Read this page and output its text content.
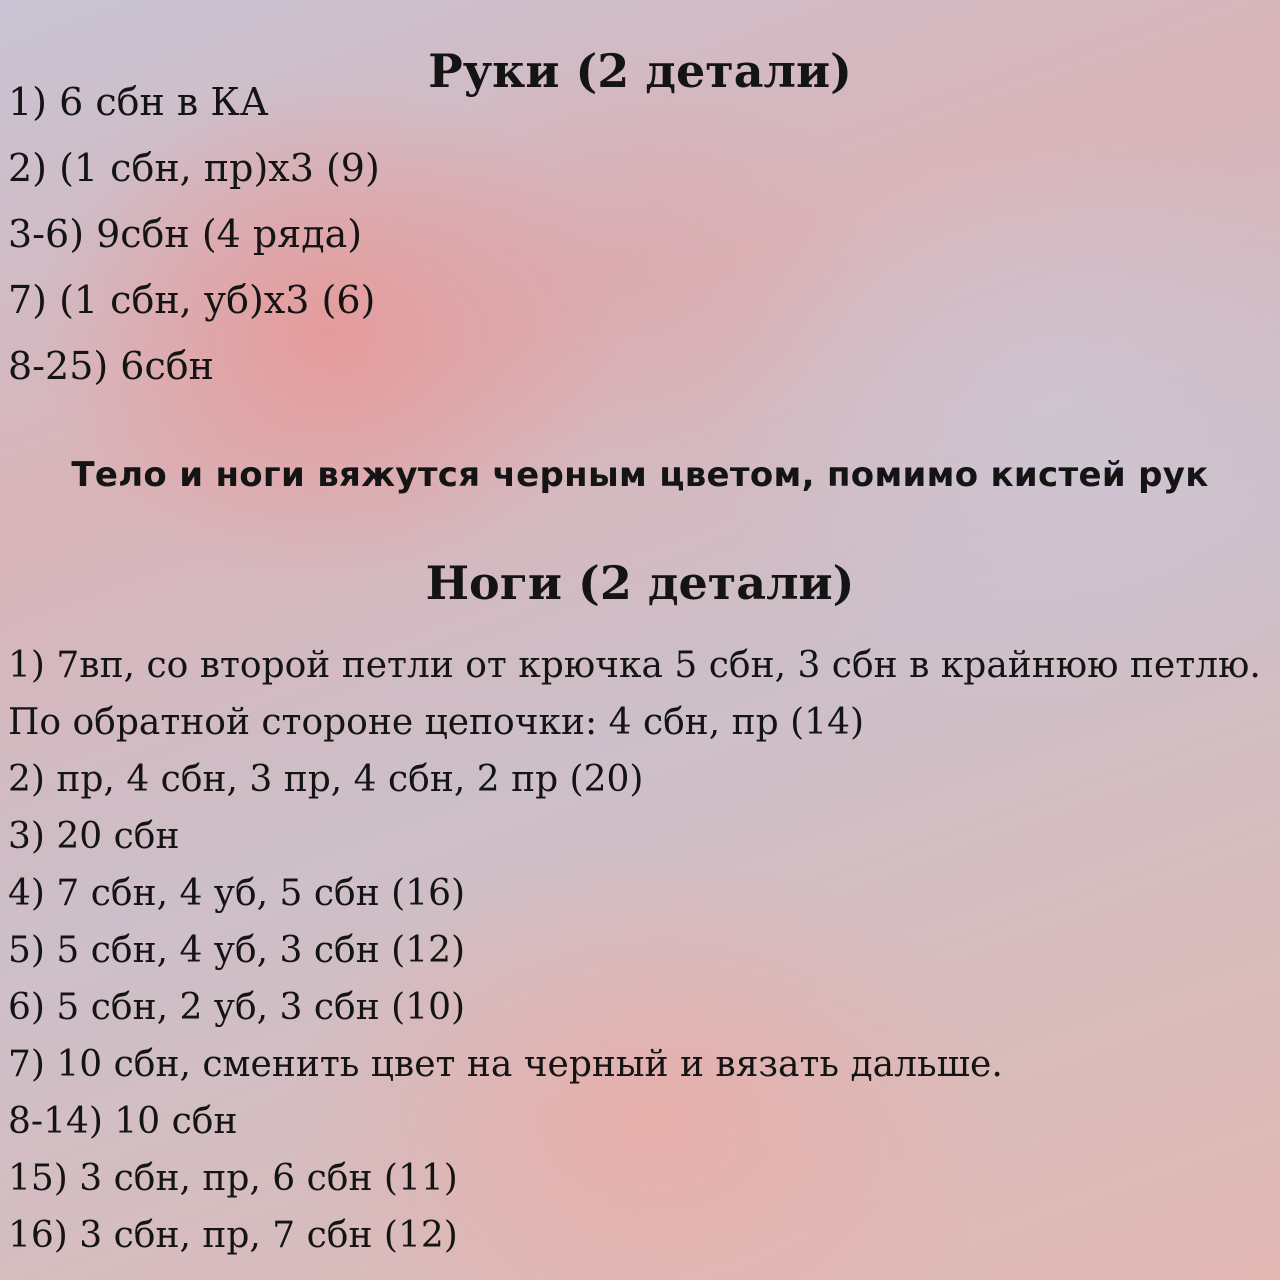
Руки (2 детали)
1) 6 сбн в КА
2) (1 сбн, пр)х3 (9)
3-6) 9сбн (4 ряда)
7) (1 сбн, уб)х3 (6)
8-25) 6сбн

Тело и ноги вяжутся черным цветом, помимо кистей рук

Ноги (2 детали)
1) 7вп, со второй петли от крючка 5 сбн, 3 сбн в крайнюю петлю.
По обратной стороне цепочки: 4 сбн, пр (14)
2) пр, 4 сбн, 3 пр, 4 сбн, 2 пр (20)
3) 20 сбн
4) 7 сбн, 4 уб, 5 сбн (16)
5) 5 сбн, 4 уб, 3 сбн (12)
6) 5 сбн, 2 уб, 3 сбн (10)
7) 10 сбн, сменить цвет на черный и вязать дальше.
8-14) 10 сбн
15) 3 сбн, пр, 6 сбн (11)
16) 3 сбн, пр, 7 сбн (12)
